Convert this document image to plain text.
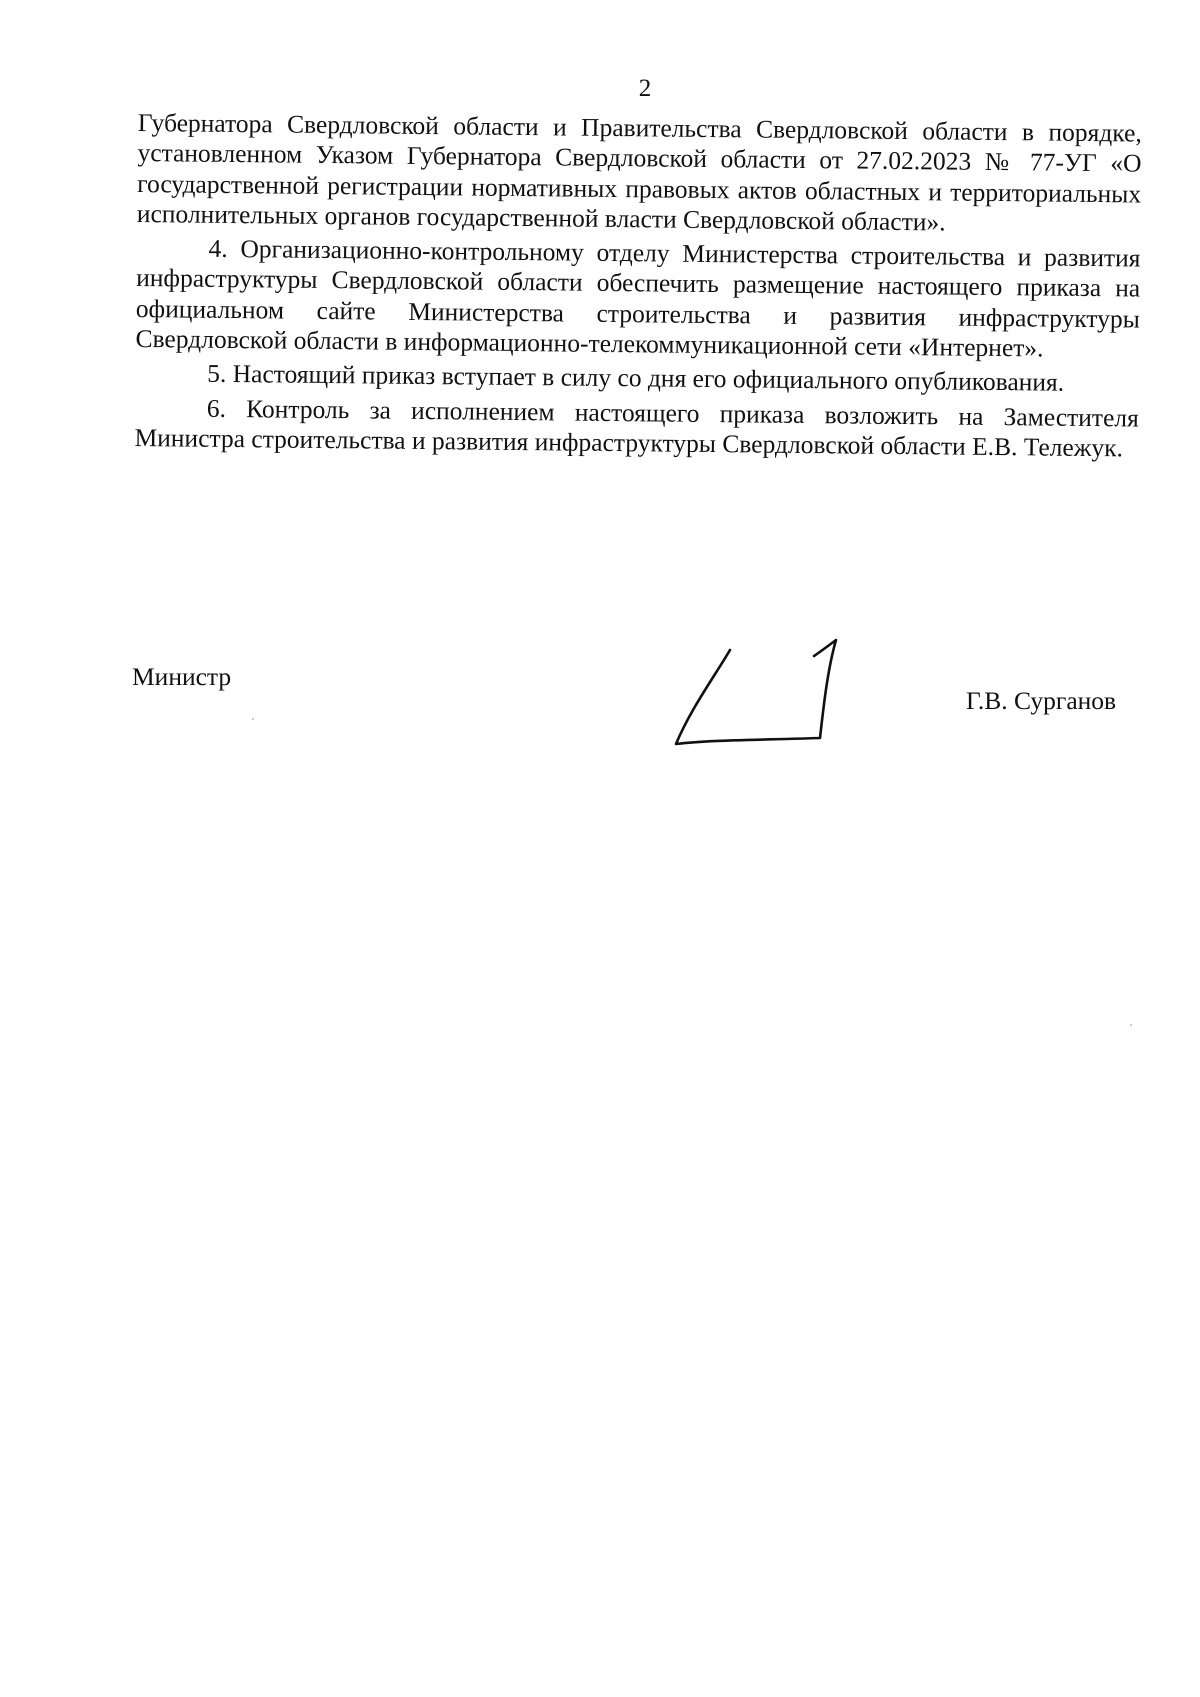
2

Губернатора Свердловской области и Правительства Свердловской области в порядке, установленном Указом Губернатора Свердловской области от 27.02.2023 № 77-УГ «О государственной регистрации нормативных правовых актов областных и территориальных исполнительных органов государственной власти Свердловской области».

4. Организационно-контрольному отделу Министерства строительства и развития инфраструктуры Свердловской области обеспечить размещение настоящего приказа на официальном сайте Министерства строительства и развития инфраструктуры Свердловской области в информационно-телекоммуникационной сети «Интернет».

5. Настоящий приказ вступает в силу со дня его официального опубликования.

6. Контроль за исполнением настоящего приказа возложить на Заместителя Министра строительства и развития инфраструктуры Свердловской области Е.В. Тележук.

Министр
Г.В. Сурганов
